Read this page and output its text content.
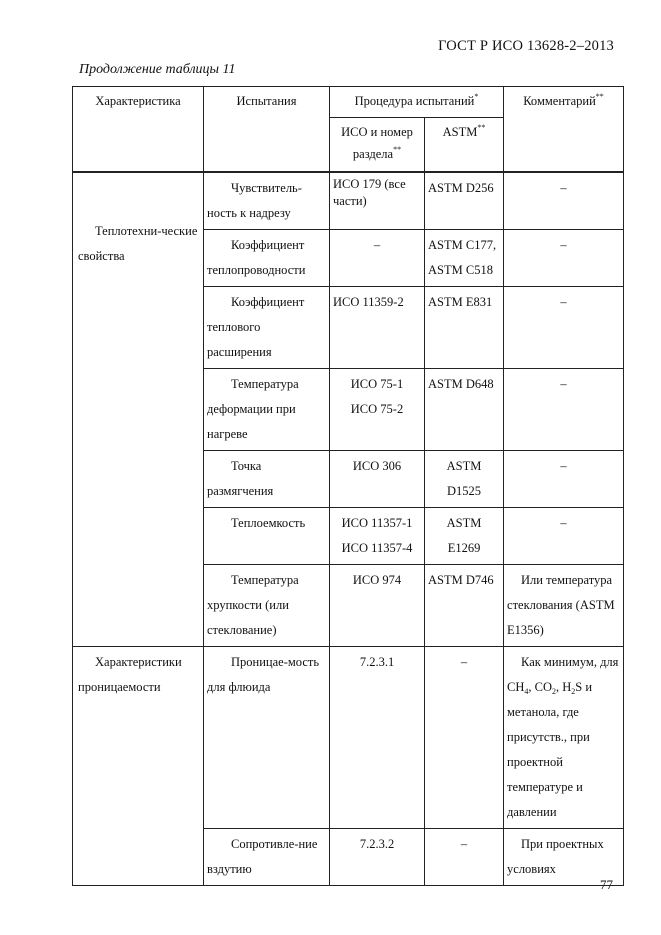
ГОСТ Р ИСО 13628-2–2013
Продолжение таблицы 11
Характеристика	Испытания	Процедура испытаний*		Комментарий**
		ИСО и номер раздела**	ASTM**

Теплотехни-ческие свойства	Чувствитель-ность к надрезу	ИСО 179 (все части)	ASTM D256	–
	Коэффициент теплопроводности	–	ASTM C177, ASTM C518	–
	Коэффициент теплового расширения	ИСО 11359-2	ASTM E831	–
	Температура деформации при нагреве	ИСО 75-1 ИСО 75-2	ASTM D648	–
	Точка размягчения	ИСО 306	ASTM D1525	–
	Теплоемкость	ИСО 11357-1 ИСО 11357-4	ASTM E1269	–
	Температура хрупкости (или стеклование)	ИСО 974	ASTM D746	Или температура стеклования (ASTM E1356)

Характеристики проницаемости	Проницае-мость для флюида	7.2.3.1	–	Как минимум, для $CH_4$, $CO_2$, $H_2S$ и метанола, где присутств., при проектной температуре и давлении
	Сопротивле-ние вздутию	7.2.3.2	–	При проектных условиях
77
